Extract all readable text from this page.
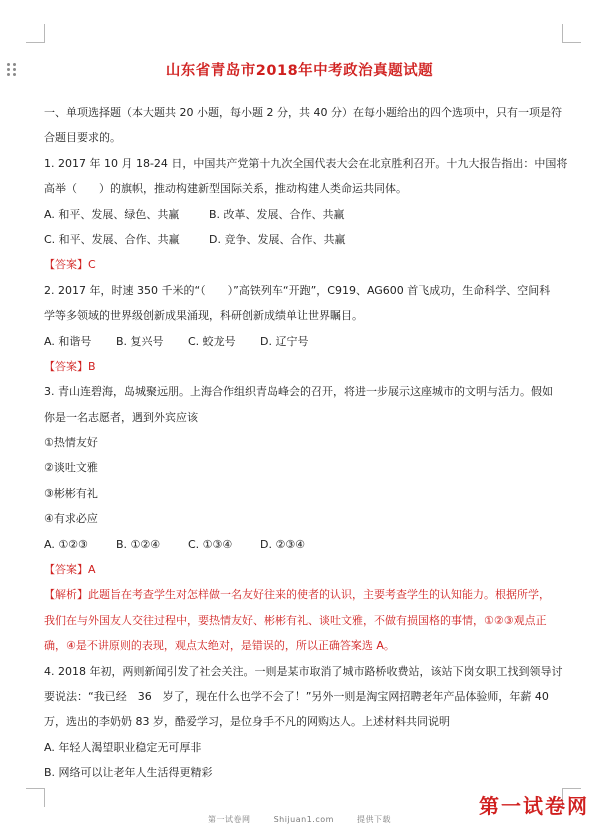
山东省青岛市2018年中考政治真题试题
一、单项选择题（本大题共 20 小题，每小题 2 分，共 40 分）在每小题给出的四个选项中，只有一项是符
合题目要求的。
1. 2017 年 10 月 18-24 日，中国共产党第十九次全国代表大会在北京胜利召开。十九大报告指出：中国将
高举（　　）的旗帜，推动构建新型国际关系，推动构建人类命运共同体。
A. 和平、发展、绿色、共赢	B. 改革、发展、合作、共赢
C. 和平、发展、合作、共赢	D. 竞争、发展、合作、共赢
【答案】C
2. 2017 年，时速 350 千米的“（　　）”高铁列车“开跑”，C919、AG600 首飞成功，生命科学、空间科
学等多领域的世界级创新成果涌现，科研创新成绩单让世界瞩目。
A. 和谐号 B. 复兴号 C. 蛟龙号 D. 辽宁号
【答案】B
3. 青山连碧海，岛城聚远朋。上海合作组织青岛峰会的召开，将进一步展示这座城市的文明与活力。假如
你是一名志愿者，遇到外宾应该
①热情友好
②谈吐文雅
③彬彬有礼
④有求必应
A. ①②③	B. ①②④	C. ①③④	D. ②③④
【答案】A
【解析】此题旨在考查学生对怎样做一名友好往来的使者的认识，主要考查学生的认知能力。根据所学，
我们在与外国友人交往过程中，要热情友好、彬彬有礼、谈吐文雅，不做有损国格的事情，①②③观点正
确，④是不讲原则的表现，观点太绝对，是错误的，所以正确答案选 A。
4. 2018 年初，两则新闻引发了社会关注。一则是某市取消了城市路桥收费站，该站下岗女职工找到领导讨
要说法：“我已经　36　岁了，现在什么也学不会了！”另外一则是淘宝网招聘老年产品体验师，年薪 40
万，选出的李奶奶 83 岁，酷爱学习，是位身手不凡的网购达人。上述材料共同说明
A. 年轻人渴望职业稳定无可厚非
B. 网络可以让老年人生活得更精彩
第一试卷网
第一试卷网	Shijuan1.com	提供下载
